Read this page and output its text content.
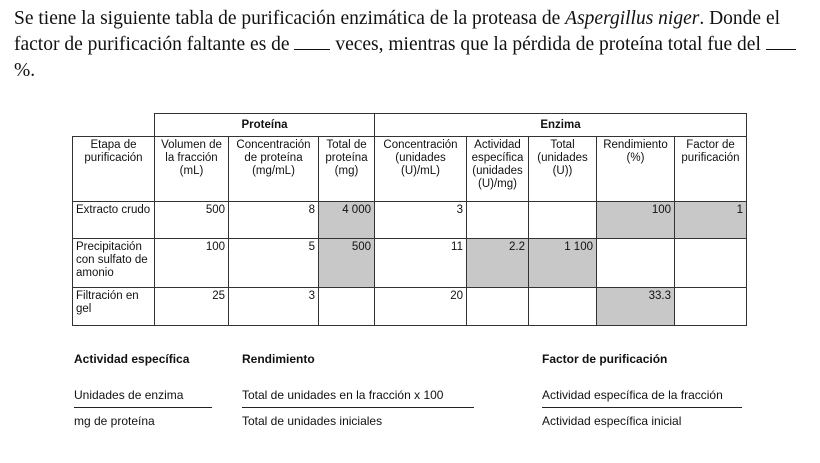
Se tiene la siguiente tabla de purificación enzimática de la proteasa de Aspergillus niger. Donde el factor de purificación faltante es de  veces, mientras que la pérdida de proteína total fue del %.
	Proteína			Enzima				
Etapa de purificación	Volumen de la fracción (mL)	Concentración de proteína (mg/mL)	Total de proteína (mg)	Concentración (unidades (U)/mL)	Actividad específica (unidades (U)/mg)	Total (unidades (U))	Rendimiento (%)	Factor de purificación
Extracto crudo	500	8	4 000	3			100	1
Precipitación con sulfato de amonio	100	5	500	11	2.2	1 100		
Filtración en gel	25	3		20			33.3	
Actividad específica
Unidades de enzima
mg de proteína
Rendimiento
Total de unidades en la fracción x 100
Total de unidades iniciales
Factor de purificación
Actividad específica de la fracción
Actividad específica inicial
